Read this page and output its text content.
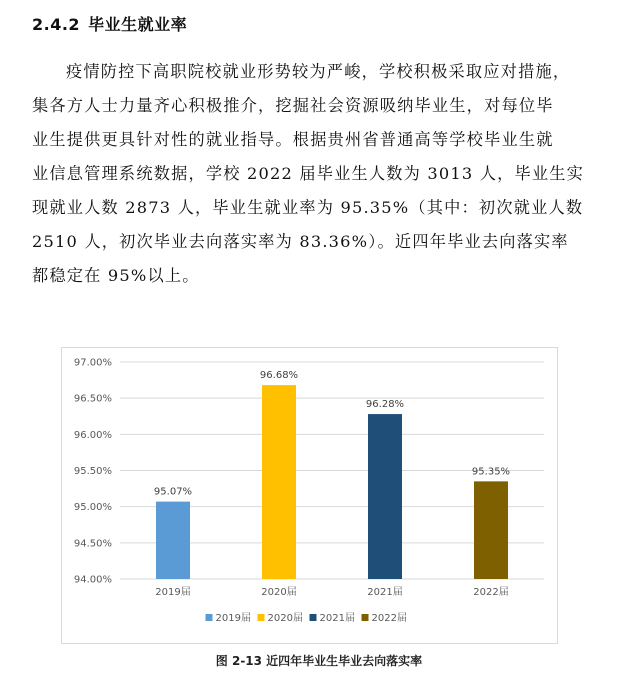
2.4.2 毕业生就业率
疫情防控下高职院校就业形势较为严峻，学校积极采取应对措施，
集各方人士力量齐心积极推介，挖掘社会资源吸纳毕业生，对每位毕
业生提供更具针对性的就业指导。根据贵州省普通高等学校毕业生就
业信息管理系统数据，学校 2022 届毕业生人数为 3013 人，毕业生实
现就业人数 2873 人，毕业生就业率为 95.35%（其中：初次就业人数
2510 人，初次毕业去向落实率为 83.36%）。近四年毕业去向落实率
都稳定在 95%以上。
94.00%
94.50%
95.00%
95.50%
96.00%
96.50%
97.00%
95.07%
2019届
96.68%
2020届
96.28%
2021届
95.35%
2022届
2019届 2020届 2021届 2022届
图 2-13 近四年毕业生毕业去向落实率
